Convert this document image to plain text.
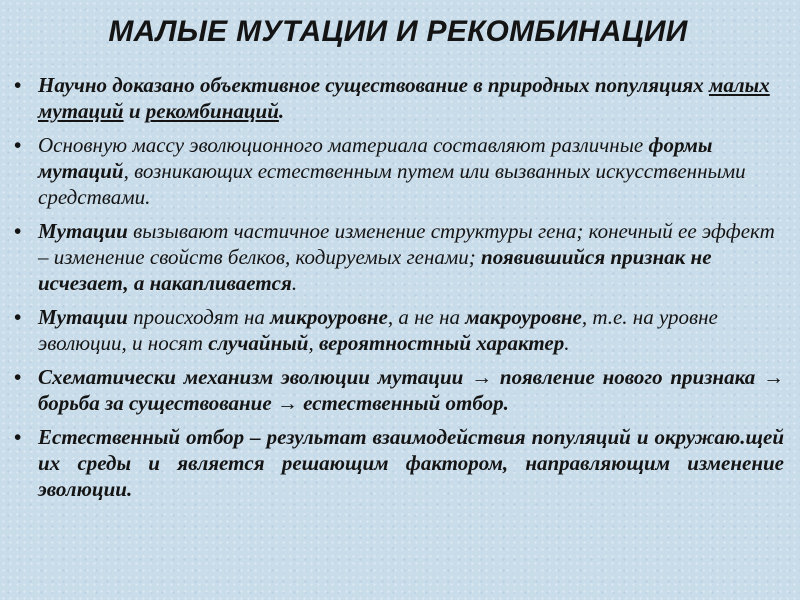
МАЛЫЕ МУТАЦИИ И РЕКОМБИНАЦИИ
• Научно доказано объективное существование в природных популяциях малых мутаций и рекомбинаций.
• Основную массу эволюционного материала составляют различные формы мутаций, возникающих естественным путем или вызванных искусственными средствами.
• Мутации вызывают частичное изменение структуры гена; конечный ее эффект – изменение свойств белков, кодируемых генами; появившийся признак не исчезает, а накапливается.
• Мутации происходят на микроуровне, а не на макроуровне, т.е. на уровне эволюции, и носят случайный, вероятностный характер.
• Схематически механизм эволюции мутации → появление нового признака → борьба за существование → естественный отбор.
• Естественный отбор – результат взаимодействия популяций и окружаю.щей их среды и является решающим фактором, направляющим изменение эволюции.
